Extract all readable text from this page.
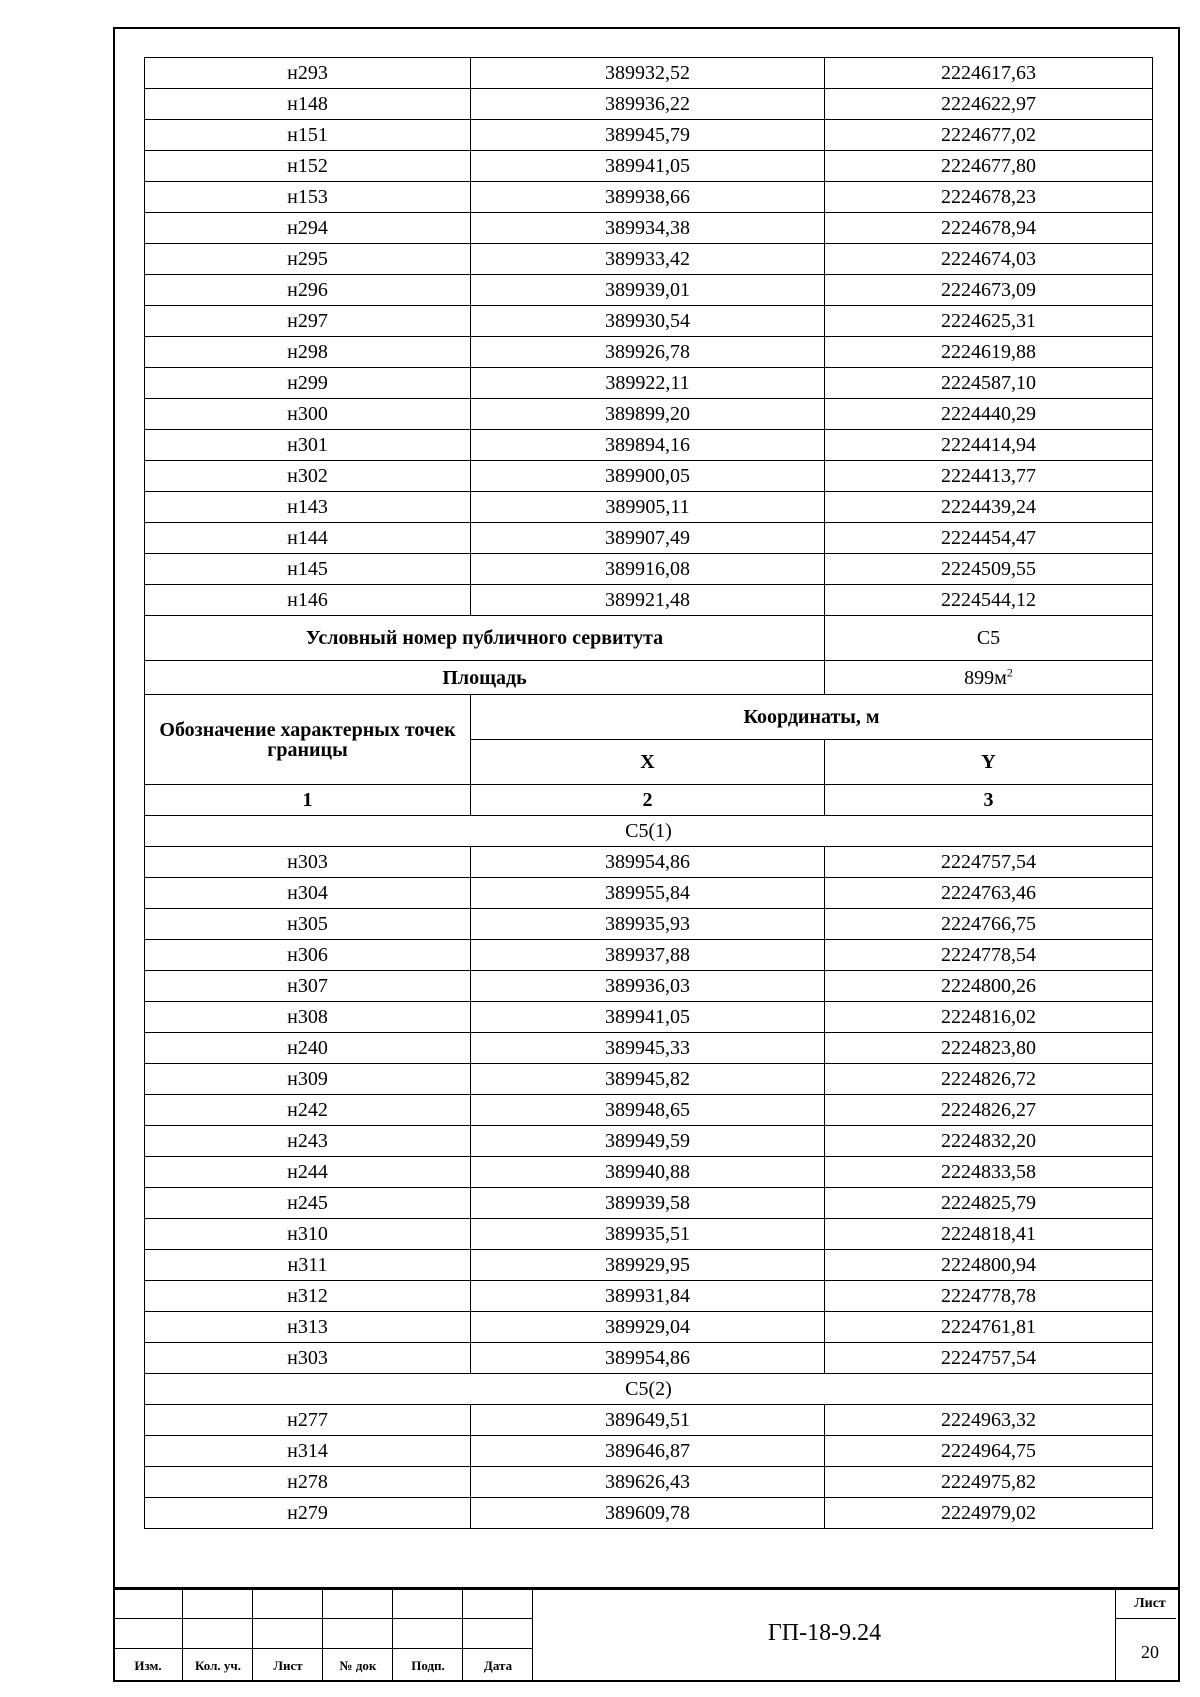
н293	389932,52	2224617,63
н148	389936,22	2224622,97
н151	389945,79	2224677,02
н152	389941,05	2224677,80
н153	389938,66	2224678,23
н294	389934,38	2224678,94
н295	389933,42	2224674,03
н296	389939,01	2224673,09
н297	389930,54	2224625,31
н298	389926,78	2224619,88
н299	389922,11	2224587,10
н300	389899,20	2224440,29
н301	389894,16	2224414,94
н302	389900,05	2224413,77
н143	389905,11	2224439,24
н144	389907,49	2224454,47
н145	389916,08	2224509,55
н146	389921,48	2224544,12
Условный номер публичного сервитута		С5
Площадь		$899м^2$
Обозначение характерных точек границы	Координаты, м	
	X	Y
1	2	3
С5(1)		
н303	389954,86	2224757,54
н304	389955,84	2224763,46
н305	389935,93	2224766,75
н306	389937,88	2224778,54
н307	389936,03	2224800,26
н308	389941,05	2224816,02
н240	389945,33	2224823,80
н309	389945,82	2224826,72
н242	389948,65	2224826,27
н243	389949,59	2224832,20
н244	389940,88	2224833,58
н245	389939,58	2224825,79
н310	389935,51	2224818,41
н311	389929,95	2224800,94
н312	389931,84	2224778,78
н313	389929,04	2224761,81
н303	389954,86	2224757,54
С5(2)		
н277	389649,51	2224963,32
н314	389646,87	2224964,75
н278	389626,43	2224975,82
н279	389609,78	2224979,02
Изм.	Кол. уч.	Лист	№ док	Подп.	Дата
ГП-18-9.24
Лист
20
